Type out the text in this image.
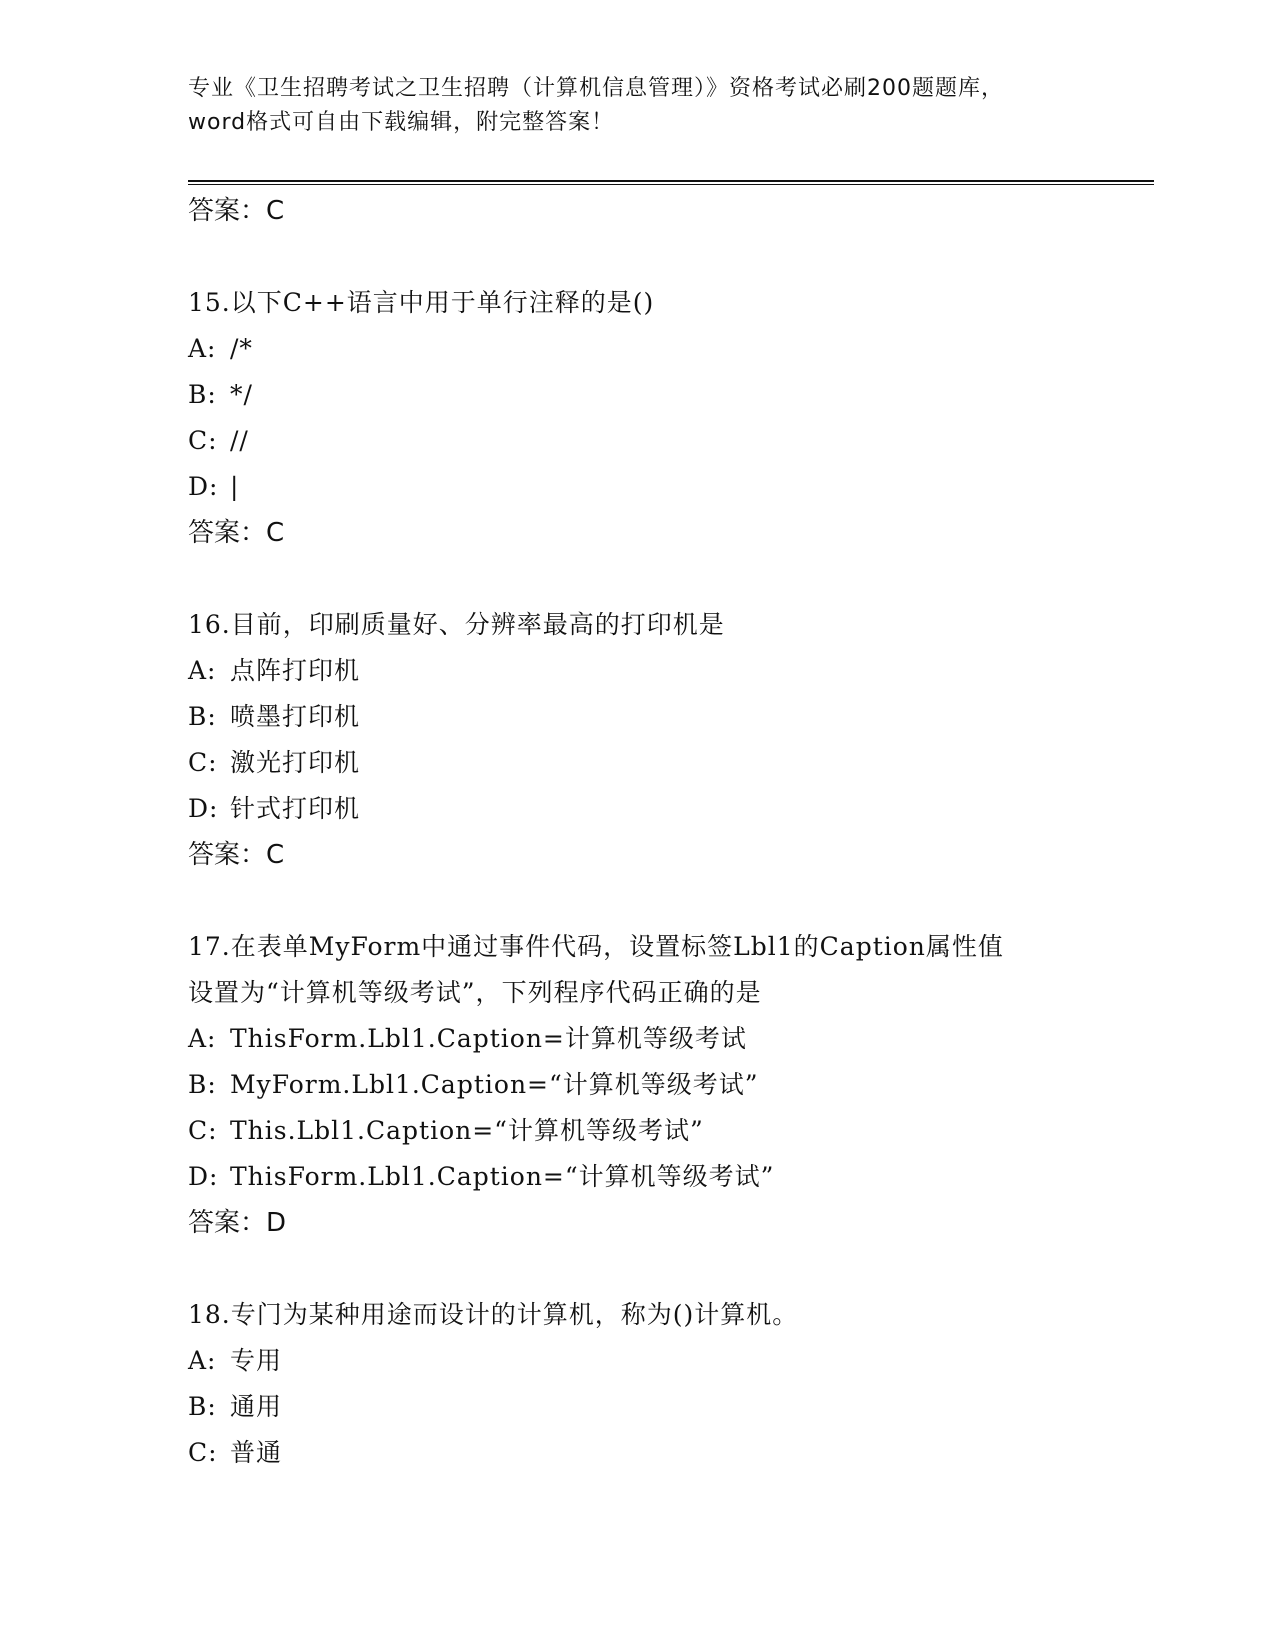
专业《卫生招聘考试之卫生招聘（计算机信息管理）》资格考试必刷200题题库，
word格式可自由下载编辑，附完整答案！
答案：C
15.以下C++语言中用于单行注释的是()
A: /*
B: */
C: //
D: |
答案：C
16.目前，印刷质量好、分辨率最高的打印机是
A: 点阵打印机
B: 喷墨打印机
C: 激光打印机
D: 针式打印机
答案：C
17.在表单MyForm中通过事件代码，设置标签Lbl1的Caption属性值
设置为“计算机等级考试”，下列程序代码正确的是
A: ThisForm.Lbl1.Caption=计算机等级考试
B: MyForm.Lbl1.Caption=“计算机等级考试”
C: This.Lbl1.Caption=“计算机等级考试”
D: ThisForm.Lbl1.Caption=“计算机等级考试”
答案：D
18.专门为某种用途而设计的计算机，称为()计算机。
A: 专用
B: 通用
C: 普通
